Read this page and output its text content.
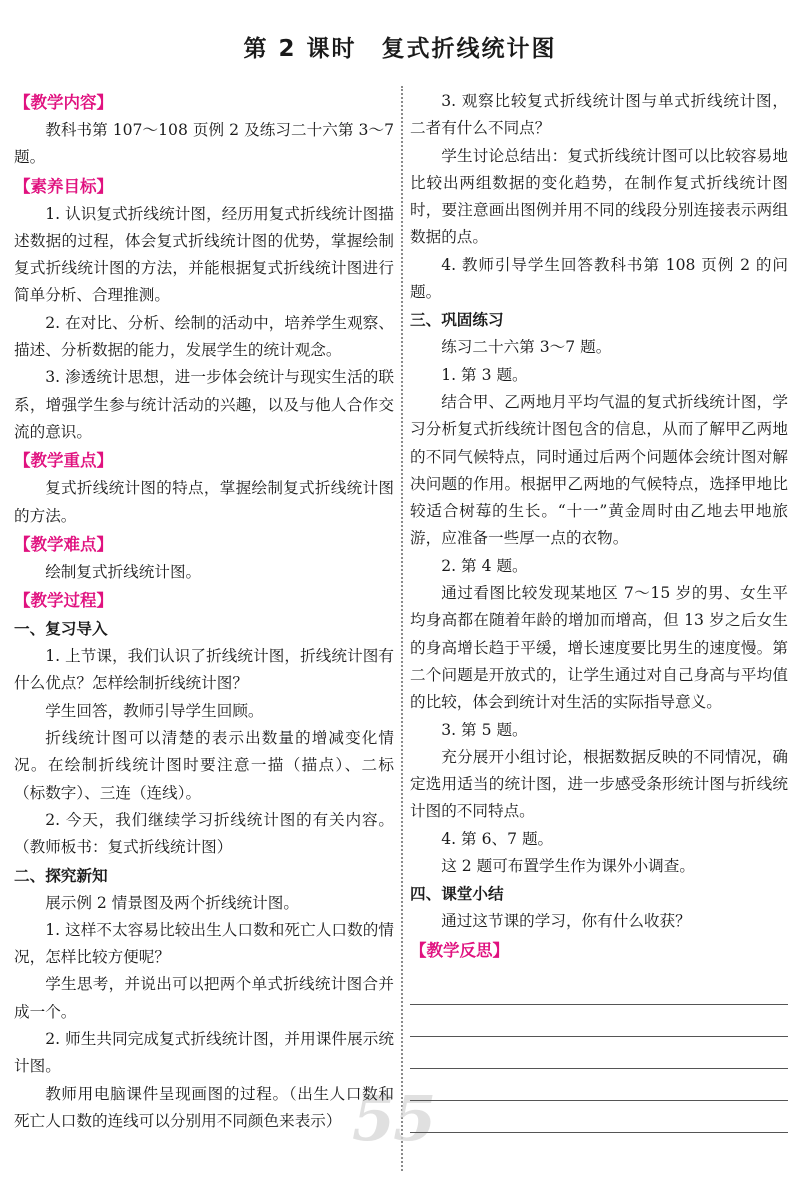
第 2 课时　复式折线统计图
55
【教学内容】

教科书第 107～108 页例 2 及练习二十六第 3～7 题。

【素养目标】

1. 认识复式折线统计图，经历用复式折线统计图描述数据的过程，体会复式折线统计图的优势，掌握绘制复式折线统计图的方法，并能根据复式折线统计图进行简单分析、合理推测。

2. 在对比、分析、绘制的活动中，培养学生观察、描述、分析数据的能力，发展学生的统计观念。

3. 渗透统计思想，进一步体会统计与现实生活的联系，增强学生参与统计活动的兴趣，以及与他人合作交流的意识。

【教学重点】

复式折线统计图的特点，掌握绘制复式折线统计图的方法。

【教学难点】

绘制复式折线统计图。

【教学过程】
一、复习导入

1. 上节课，我们认识了折线统计图，折线统计图有什么优点？怎样绘制折线统计图？

学生回答，教师引导学生回顾。

折线统计图可以清楚的表示出数量的增减变化情况。在绘制折线统计图时要注意一描（描点）、二标（标数字）、三连（连线）。

2. 今天，我们继续学习折线统计图的有关内容。（教师板书：复式折线统计图）

二、探究新知

展示例 2 情景图及两个折线统计图。

1. 这样不太容易比较出生人口数和死亡人口数的情况，怎样比较方便呢？

学生思考，并说出可以把两个单式折线统计图合并成一个。

2. 师生共同完成复式折线统计图，并用课件展示统计图。

教师用电脑课件呈现画图的过程。（出生人口数和死亡人口数的连线可以分别用不同颜色来表示）

3. 观察比较复式折线统计图与单式折线统计图，二者有什么不同点？

学生讨论总结出：复式折线统计图可以比较容易地比较出两组数据的变化趋势，在制作复式折线统计图时，要注意画出图例并用不同的线段分别连接表示两组数据的点。

4. 教师引导学生回答教科书第 108 页例 2 的问题。

三、巩固练习

练习二十六第 3～7 题。

1. 第 3 题。

结合甲、乙两地月平均气温的复式折线统计图，学习分析复式折线统计图包含的信息，从而了解甲乙两地的不同气候特点，同时通过后两个问题体会统计图对解决问题的作用。根据甲乙两地的气候特点，选择甲地比较适合树莓的生长。“十一”黄金周时由乙地去甲地旅游，应准备一些厚一点的衣物。

2. 第 4 题。

通过看图比较发现某地区 7～15 岁的男、女生平均身高都在随着年龄的增加而增高，但 13 岁之后女生的身高增长趋于平缓，增长速度要比男生的速度慢。第二个问题是开放式的，让学生通过对自己身高与平均值的比较，体会到统计对生活的实际指导意义。

3. 第 5 题。

充分展开小组讨论，根据数据反映的不同情况，确定选用适当的统计图，进一步感受条形统计图与折线统计图的不同特点。

4. 第 6、7 题。

这 2 题可布置学生作为课外小调查。

四、课堂小结

通过这节课的学习，你有什么收获？

【教学反思】
